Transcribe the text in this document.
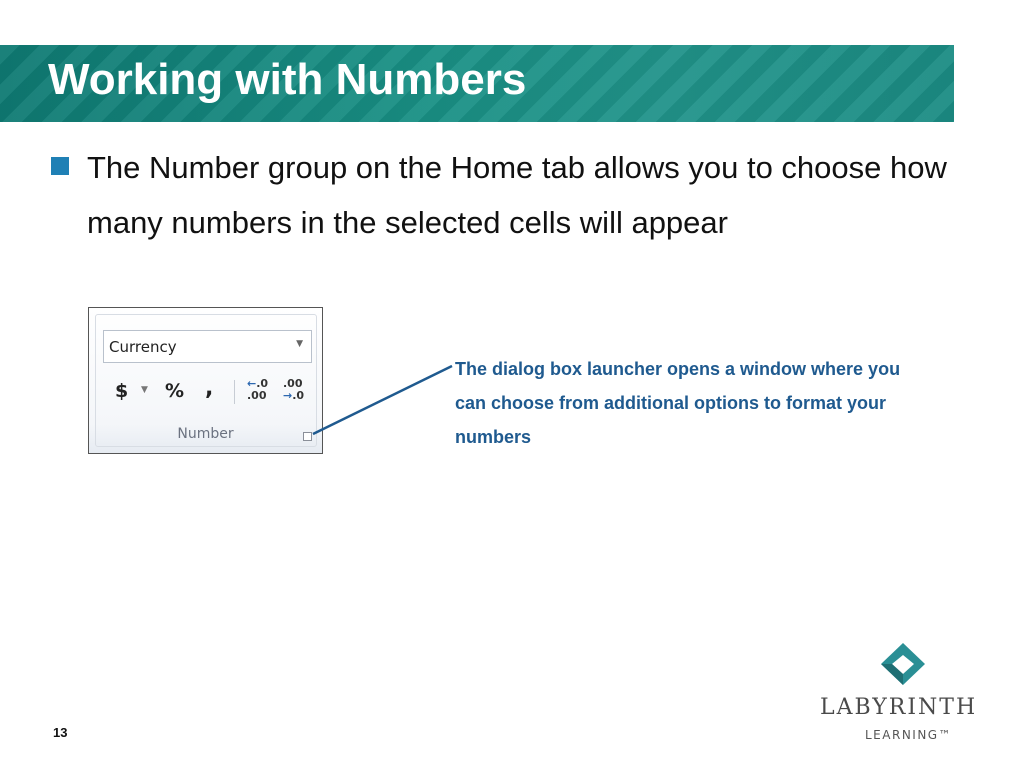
Working with Numbers
The Number group on the Home tab allows you to choose how many numbers in the selected cells will appear
Currency	▼
$ ▼ % ,	←.0
.00
.00
→.0
Number
The dialog box launcher opens a window where you can choose from additional options to format your numbers
LABYRINTH
LEARNING™
13
